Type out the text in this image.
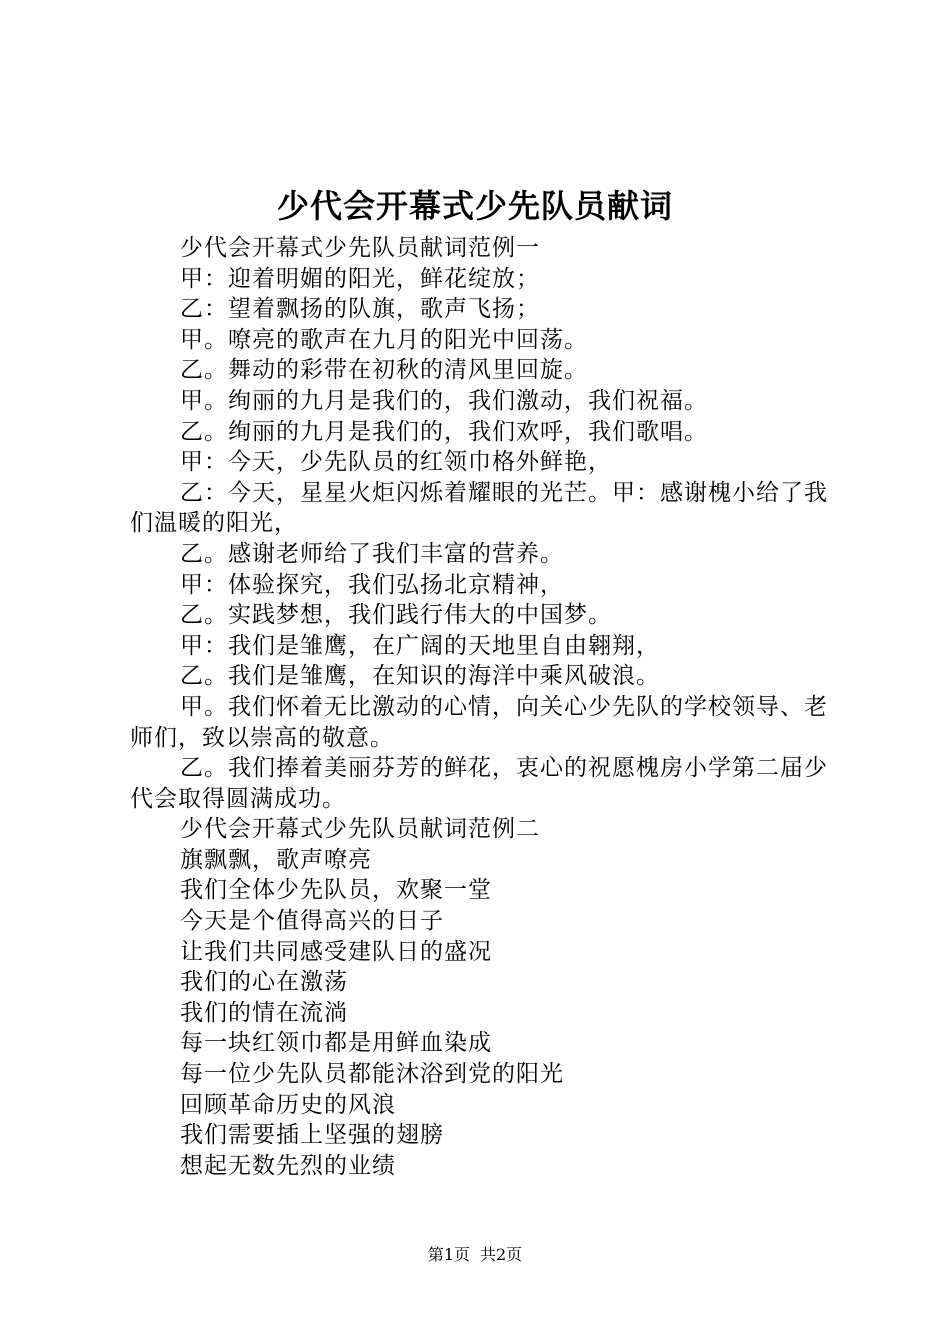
少代会开幕式少先队员献词

少代会开幕式少先队员献词范例一

甲：迎着明媚的阳光，鲜花绽放；

乙：望着飘扬的队旗，歌声飞扬；

甲。嘹亮的歌声在九月的阳光中回荡。

乙。舞动的彩带在初秋的清风里回旋。

甲。绚丽的九月是我们的，我们激动，我们祝福。

乙。绚丽的九月是我们的，我们欢呼，我们歌唱。

甲：今天，少先队员的红领巾格外鲜艳，

乙：今天，星星火炬闪烁着耀眼的光芒。甲：感谢槐小给了我们温暖的阳光，

乙。感谢老师给了我们丰富的营养。

甲：体验探究，我们弘扬北京精神，

乙。实践梦想，我们践行伟大的中国梦。

甲：我们是雏鹰，在广阔的天地里自由翱翔，

乙。我们是雏鹰，在知识的海洋中乘风破浪。

甲。我们怀着无比激动的心情，向关心少先队的学校领导、老师们，致以崇高的敬意。

乙。我们捧着美丽芬芳的鲜花，衷心的祝愿槐房小学第二届少代会取得圆满成功。

少代会开幕式少先队员献词范例二

旗飘飘，歌声嘹亮

我们全体少先队员，欢聚一堂

今天是个值得高兴的日子

让我们共同感受建队日的盛况

我们的心在激荡

我们的情在流淌

每一块红领巾都是用鲜血染成

每一位少先队员都能沐浴到党的阳光

回顾革命历史的风浪

我们需要插上坚强的翅膀

想起无数先烈的业绩

第1页 共2页
